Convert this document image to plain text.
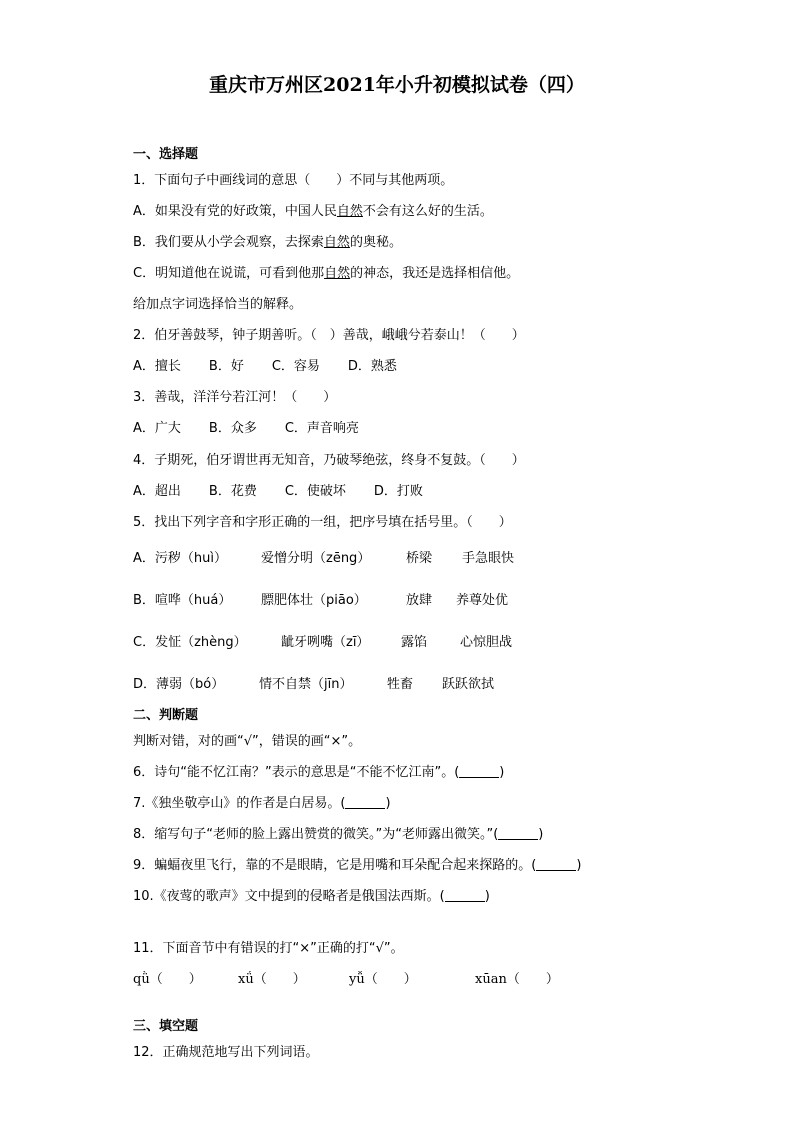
重庆市万州区2021年小升初模拟试卷（四）
一、选择题
1．下面句子中画线词的意思（　　）不同与其他两项。
A．如果没有党的好政策，中国人民自然不会有这么好的生活。
B．我们要从小学会观察，去探索自然的奥秘。
C．明知道他在说谎，可看到他那自然的神态，我还是选择相信他。
给加点字词选择恰当的解释。
2．伯牙善鼓琴，钟子期善听。（　）善哉，峨峨兮若泰山！（　　）
A．擅长 B．好 C．容易 D．熟悉
3．善哉，洋洋兮若江河！（　　）
A．广大 B．众多 C．声音响亮
4．子期死，伯牙谓世再无知音，乃破琴绝弦，终身不复鼓。（　　）
A．超出 B．花费 C．使破坏 D．打败
5．找出下列字音和字形正确的一组，把序号填在括号里。（　　）
A．污秽（huì）	爱憎分明（zēng）	桥梁 手急眼快
B．喧哗（huá） 膘肥体壮（piāo）	放肆 养尊处优
C．发怔（zhèng）	龇牙咧嘴（zī） 露馅	心惊胆战
D．薄弱（bó）	情不自禁（jīn）	牲畜 跃跃欲拭
二、判断题
判断对错，对的画“√”，错误的画“×”。
6．诗句“能不忆江南？”表示的意思是“不能不忆江南”。(	)
7.《独坐敬亭山》的作者是白居易。(	)
8．缩写句子“老师的脸上露出赞赏的微笑。”为“老师露出微笑。”(	)
9．蝙蝠夜里飞行，靠的不是眼睛，它是用嘴和耳朵配合起来探路的。(	)
10.《夜莺的歌声》文中提到的侵略者是俄国法西斯。(	)
11．下面音节中有错误的打“×”正确的打“√”。
qǜ（　　）	xǘ（　　）	yǚ（　　）	xūan（　　）
三、填空题
12．正确规范地写出下列词语。
